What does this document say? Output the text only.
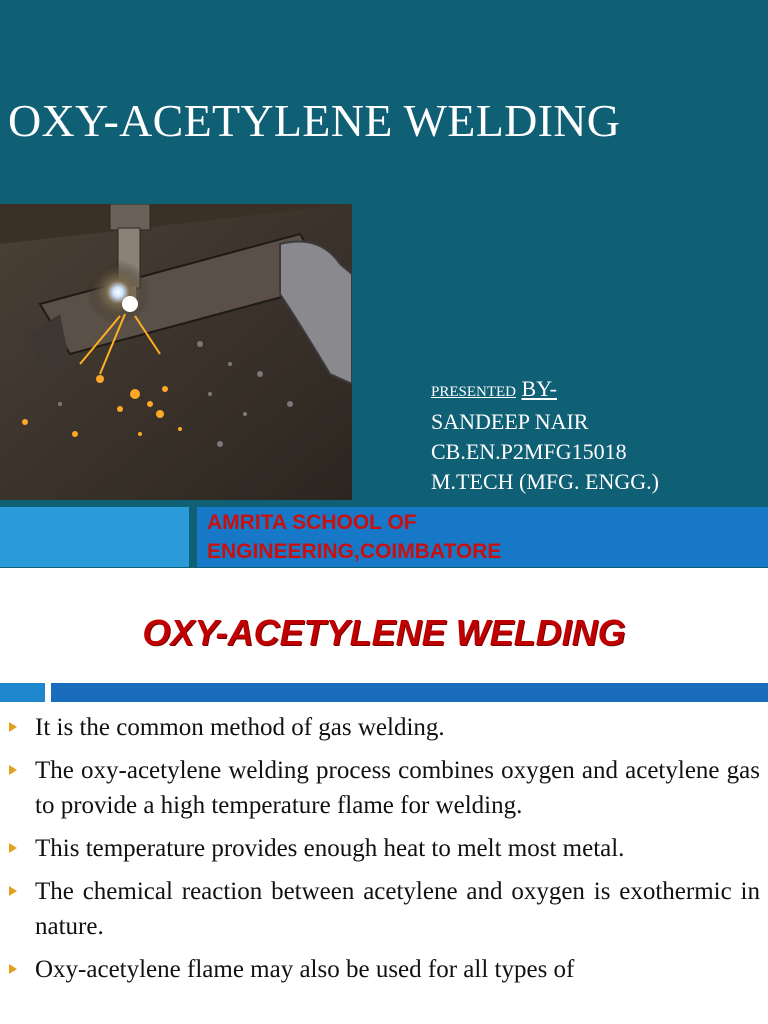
OXY-ACETYLENE WELDING
PRESENTED BY-
SANDEEP NAIR
CB.EN.P2MFG15018
M.TECH (MFG. ENGG.)
AMRITA SCHOOL OF
ENGINEERING,COIMBATORE
OXY-ACETYLENE WELDING
It is the common method of gas welding.
The oxy-acetylene welding process combines oxygen and acetylene gas to provide a high temperature flame for welding.
This temperature provides enough heat to melt most metal.
The chemical reaction between acetylene and oxygen is exothermic in nature.
Oxy-acetylene flame may also be used for all types of
